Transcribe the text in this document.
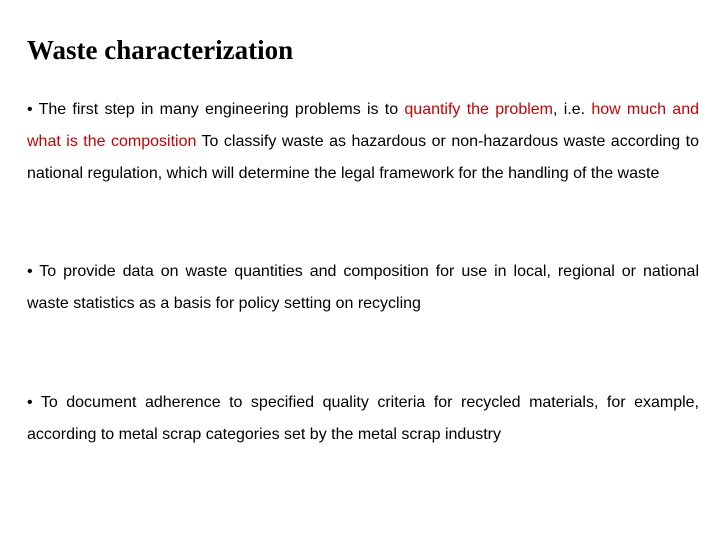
Waste characterization

• The first step in many engineering problems is to quantify the problem, i.e. how much and what is the composition To classify waste as hazardous or non-hazardous waste according to national regulation, which will determine the legal framework for the handling of the waste

• To provide data on waste quantities and composition for use in local, regional or national waste statistics as a basis for policy setting on recycling

• To document adherence to specified quality criteria for recycled materials, for example, according to metal scrap categories set by the metal scrap industry
